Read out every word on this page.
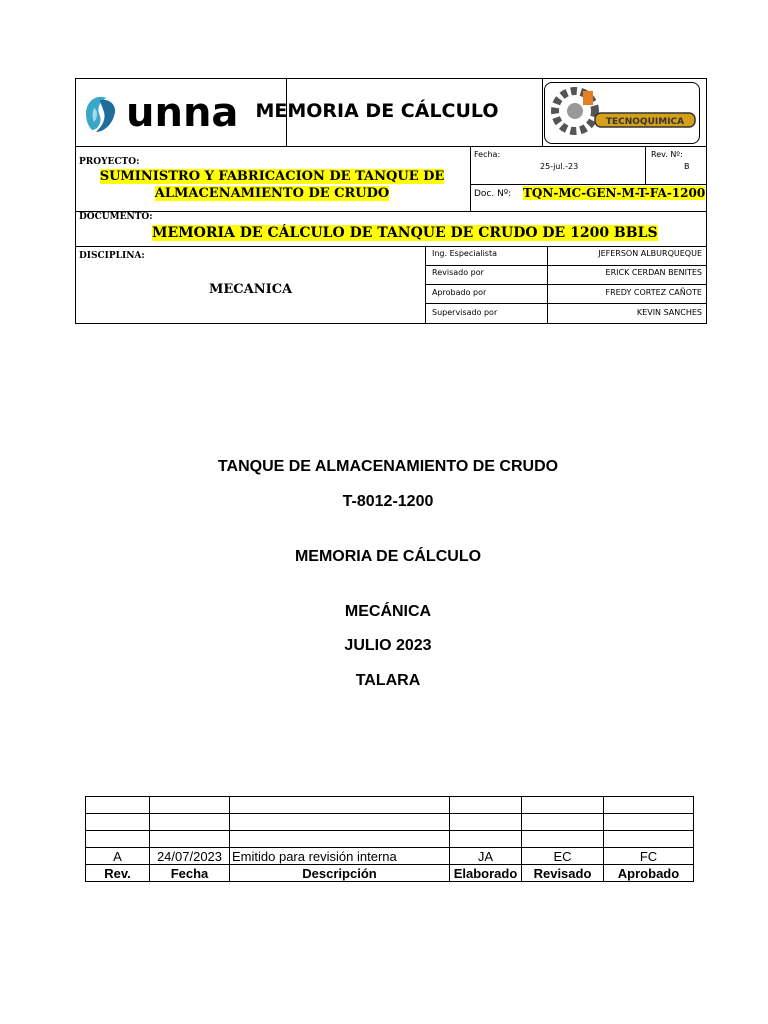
unna MEMORIA DE CÁLCULO	TECNOQUIMICA
PROYECTO:
SUMINISTRO Y FABRICACION DE TANQUE DE
ALMACENAMIENTO DE CRUDO
Fecha:
25-jul.-23
Rev. Nº:
B
Doc. Nº: TQN-MC-GEN-M-T-FA-1200
DOCUMENTO:
MEMORIA DE CÁLCULO DE TANQUE DE CRUDO DE 1200 BBLS
DISCIPLINA:
MECANICA
Ing. Especialista	JEFERSON ALBURQUEQUE
Revisado por	ERICK CERDAN BENITES
Aprobado por	FREDY CORTEZ CAÑOTE
Supervisado por	KEVIN SANCHES
TANQUE DE ALMACENAMIENTO DE CRUDO
T-8012-1200
MEMORIA DE CÁLCULO
MECÁNICA
JULIO 2023
TALARA

A	24/07/2023	Emitido para revisión interna	JA	EC	FC
Rev.	Fecha	Descripción	Elaborado	Revisado	Aprobado
